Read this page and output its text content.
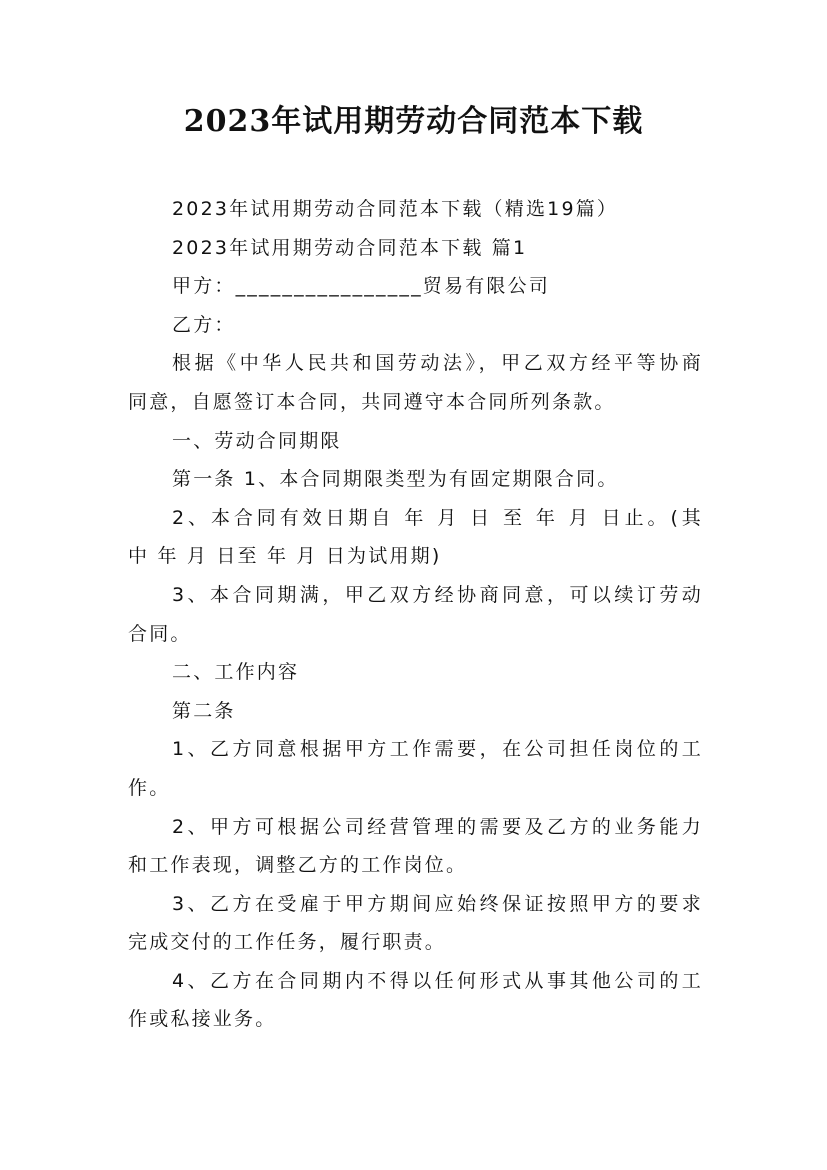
2023年试用期劳动合同范本下载
2023年试用期劳动合同范本下载（精选19篇）
2023年试用期劳动合同范本下载 篇1
甲方：________________贸易有限公司
乙方：
根据《中华人民共和国劳动法》，甲乙双方经平等协商
同意，自愿签订本合同，共同遵守本合同所列条款。
一、劳动合同期限
第一条 1、本合同期限类型为有固定期限合同。
2、本合同有效日期自 年 月 日 至 年 月 日止。(其
中 年 月 日至 年 月 日为试用期)
3、本合同期满，甲乙双方经协商同意，可以续订劳动
合同。
二、工作内容
第二条
1、乙方同意根据甲方工作需要，在公司担任岗位的工
作。
2、甲方可根据公司经营管理的需要及乙方的业务能力
和工作表现，调整乙方的工作岗位。
3、乙方在受雇于甲方期间应始终保证按照甲方的要求
完成交付的工作任务，履行职责。
4、乙方在合同期内不得以任何形式从事其他公司的工
作或私接业务。
